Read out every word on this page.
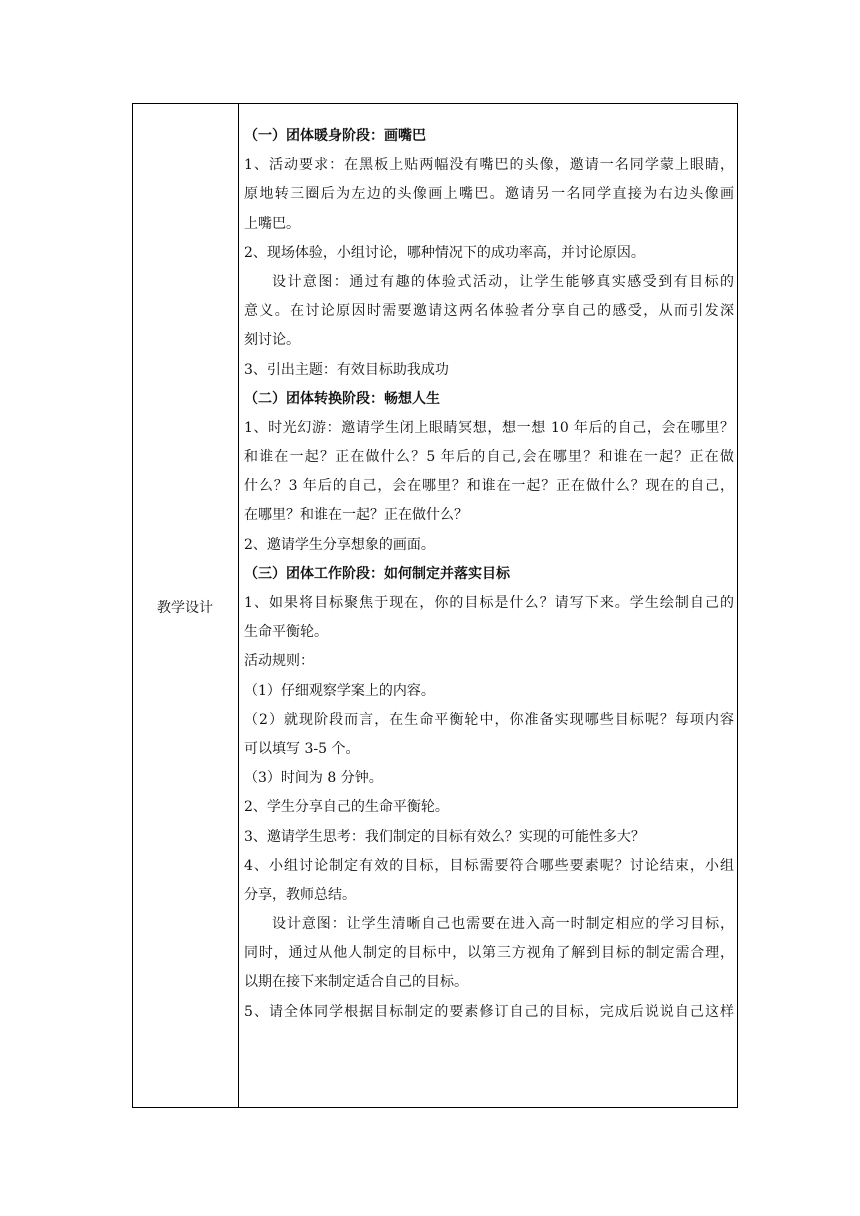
教学设计
（一）团体暖身阶段：画嘴巴
1、活动要求：在黑板上贴两幅没有嘴巴的头像，邀请一名同学蒙上眼睛，
原地转三圈后为左边的头像画上嘴巴。邀请另一名同学直接为右边头像画
上嘴巴。
2、现场体验，小组讨论，哪种情况下的成功率高，并讨论原因。
设计意图：通过有趣的体验式活动，让学生能够真实感受到有目标的
意义。在讨论原因时需要邀请这两名体验者分享自己的感受，从而引发深
刻讨论。
3、引出主题：有效目标助我成功
（二）团体转换阶段：畅想人生
1、时光幻游：邀请学生闭上眼睛冥想，想一想 10 年后的自己，会在哪里？
和谁在一起？正在做什么？5 年后的自己,会在哪里？和谁在一起？正在做
什么？3 年后的自己，会在哪里？和谁在一起？正在做什么？现在的自己，
在哪里？和谁在一起？正在做什么？
2、邀请学生分享想象的画面。
（三）团体工作阶段：如何制定并落实目标
1、如果将目标聚焦于现在，你的目标是什么？请写下来。学生绘制自己的
生命平衡轮。
活动规则：
（1）仔细观察学案上的内容。
（2）就现阶段而言，在生命平衡轮中，你准备实现哪些目标呢？每项内容
可以填写 3-5 个。
（3）时间为 8 分钟。
2、学生分享自己的生命平衡轮。
3、邀请学生思考：我们制定的目标有效么？实现的可能性多大？
4、小组讨论制定有效的目标，目标需要符合哪些要素呢？讨论结束，小组
分享，教师总结。
设计意图：让学生清晰自己也需要在进入高一时制定相应的学习目标，
同时，通过从他人制定的目标中，以第三方视角了解到目标的制定需合理，
以期在接下来制定适合自己的目标。
5、请全体同学根据目标制定的要素修订自己的目标，完成后说说自己这样
